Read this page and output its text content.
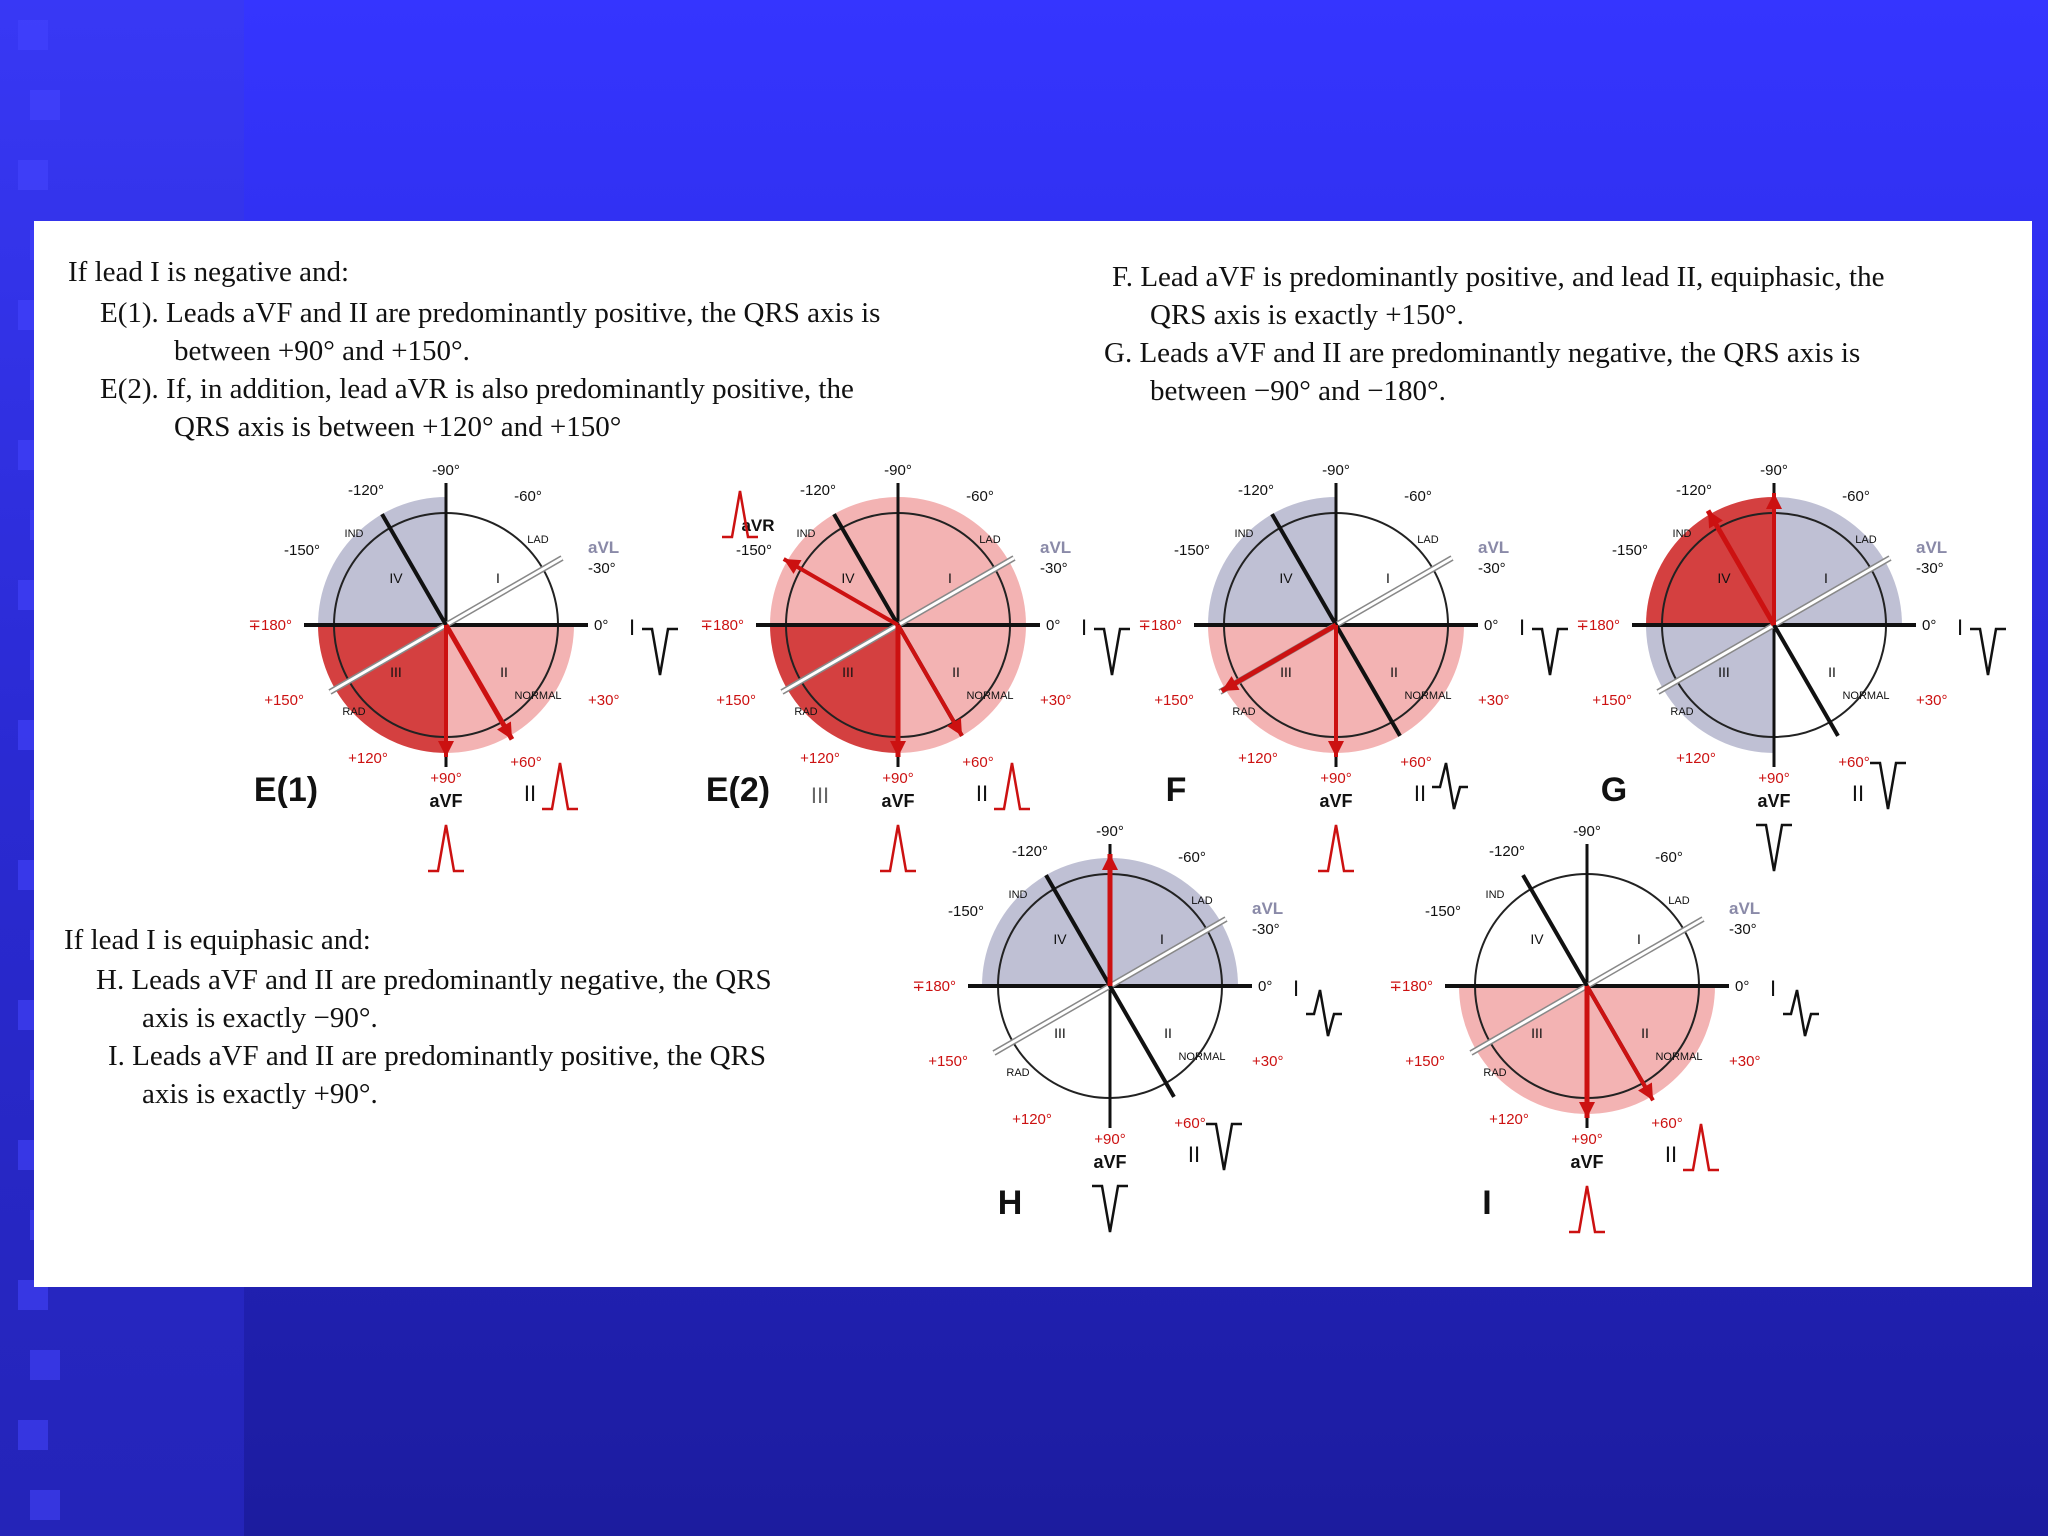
If lead I is negative and:
E(1). Leads aVF and II are predominantly positive, the QRS axis is
between +90° and +150°.
E(2). If, in addition, lead aVR is also predominantly positive, the
QRS axis is between +120° and +150°
F. Lead aVF is predominantly positive, and lead II, equiphasic, the
QRS axis is exactly +150°.
G. Leads aVF and II are predominantly negative, the QRS axis is
between −90° and −180°.
If lead I is equiphasic and:
H. Leads aVF and II are predominantly negative, the QRS
axis is exactly −90°.
I. Leads aVF and II are predominantly positive, the QRS
axis is exactly +90°.
-90°
-120°	-60°
-150°	aVL
-30°
0°
∓180°
+150°	+30°
+120°	+60°
+90°
aVF
IND	LAD
RAD
NORMAL
I
II
III
IV
I
II
E(1)
-90°
-120°	-60°
-150°	aVL
-30°
0°
∓180°
+150°	+30°
+120°	+60°
+90°
aVF
IND	LAD
RAD
NORMAL
I
II
III
IV
I
II
aVR
III
E(2)
-90°
-120°	-60°
-150°	aVL
-30°
0°
∓180°
+150°	+30°
+120°	+60°
+90°
aVF
IND	LAD
RAD
NORMAL
I
II
III
IV
I
II
F
-90°
-120°	-60°
-150°	aVL
-30°
0°
∓180°
+150°	+30°
+120°	+60°
+90°
aVF
IND	LAD
RAD
NORMAL
I
II
III
IV
I
II
G
-90°
-120°	-60°
-150°	aVL
-30°
0°
∓180°
+150°	+30°
+120°	+60°
+90°
aVF
IND	LAD
RAD
NORMAL
I
II
III
IV
I
II
H
-90°
-120°	-60°
-150°	aVL
-30°
0°
∓180°
+150°	+30°
+120°	+60°
+90°
aVF
IND	LAD
RAD
NORMAL
I
II
III
IV
I
II
I
